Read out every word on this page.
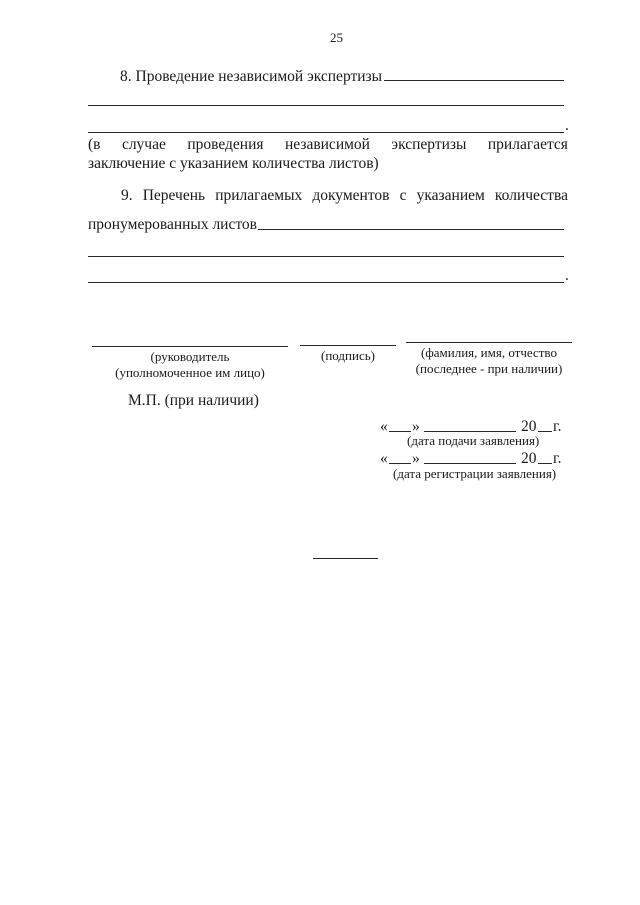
25
8. Проведение независимой экспертизы
.
(в случае проведения независимой экспертизы прилагается
заключение с указанием количества листов)
9. Перечень прилагаемых документов с указанием количества
пронумерованных листов
.
(руководитель
(уполномоченное им лицо)
(подпись)	(фамилия, имя, отчество
(последнее - при наличии)
М.П. (при наличии)
« »	20 г.
(дата подачи заявления)
« »	20 г.
(дата регистрации заявления)
